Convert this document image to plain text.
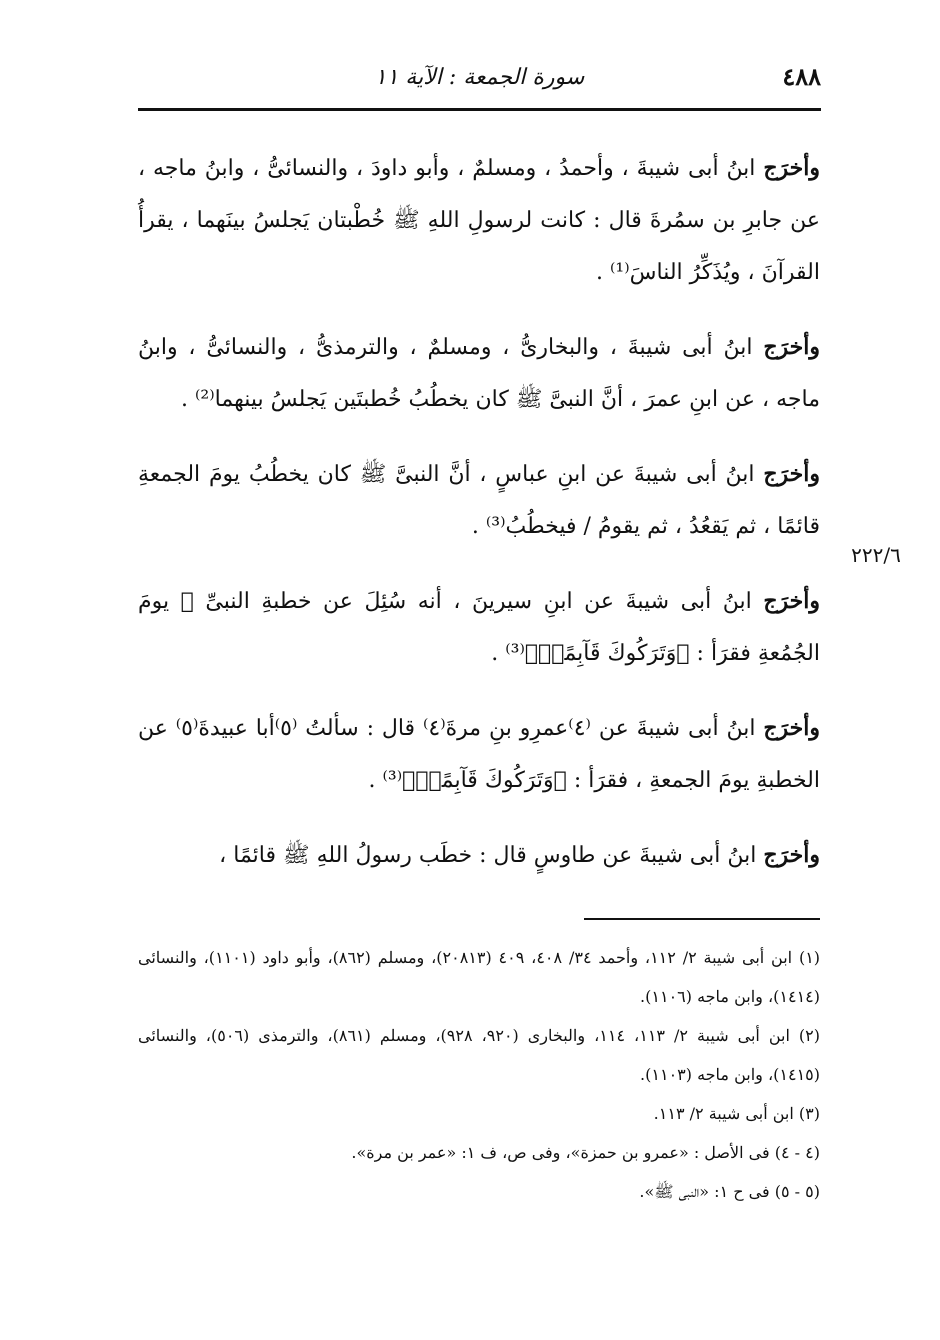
٤٨٨
سورة الجمعة : الآية ١١

وأخرَج ابنُ أبى شيبةَ ، وأحمدُ ، ومسلمٌ ، وأبو داودَ ، والنسائىُّ ، وابنُ ماجه ، عن جابرِ بن سمُرةَ قال : كانت لرسولِ اللهِ ﷺ خُطْبتان يَجلسُ بينَهما ، يقرأُ القرآنَ ، ويُذَكِّرُ الناسَ⁽¹⁾ .

وأخرَج ابنُ أبى شيبةَ ، والبخارىُّ ، ومسلمٌ ، والترمذىُّ ، والنسائىُّ ، وابنُ ماجه ، عن ابنِ عمرَ ، أنَّ النبىَّ ﷺ كان يخطُبُ خُطبتَين يَجلسُ بينهما⁽²⁾ .

وأخرَج ابنُ أبى شيبةَ عن ابنِ عباسٍ ، أنَّ النبىَّ ﷺ كان يخطُبُ يومَ الجمعةِ قائمًا ، ثم يَقعُدُ ، ثم يقومُ / فيخطُبُ⁽³⁾ .

وأخرَج ابنُ أبى شيبةَ عن ابنِ سيرينَ ، أنه سُئِلَ عن خطبةِ النبىِّ ﷺ يومَ الجُمُعةِ فقرَأ : ﴿وَتَرَكُوكَ قَآبِمًاۚ﴾⁽³⁾ .

وأخرَج ابنُ أبى شيبةَ عن ⁽٤⁾عمرِو بنِ مرةَ⁽٤⁾ قال : سألتُ ⁽٥⁾أبا عبيدةَ⁽٥⁾ عن الخطبةِ يومَ الجمعةِ ، فقرَأ : ﴿وَتَرَكُوكَ قَآبِمًاۚ﴾⁽³⁾ .

وأخرَج ابنُ أبى شيبةَ عن طاوسٍ قال : خطَب رسولُ اللهِ ﷺ قائمًا ،

٢٢٢/٦

(١) ابن أبى شيبة ٢/ ١١٢، وأحمد ٣٤/ ٤٠٨، ٤٠٩ (٢٠٨١٣)، ومسلم (٨٦٢)، وأبو داود (١١٠١)، والنسائى (١٤١٤)، وابن ماجه (١١٠٦).

(٢) ابن أبى شيبة ٢/ ١١٣، ١١٤، والبخارى (٩٢٠، ٩٢٨)، ومسلم (٨٦١)، والترمذى (٥٠٦)، والنسائى (١٤١٥)، وابن ماجه (١١٠٣).

(٣) ابن أبى شيبة ٢/ ١١٣.

(٤ - ٤) فى الأصل : «عمرو بن حمزة»، وفى ص، ف ١: «عمر بن مرة».

(٥ - ٥) فى ح ١: «النبى ﷺ».
